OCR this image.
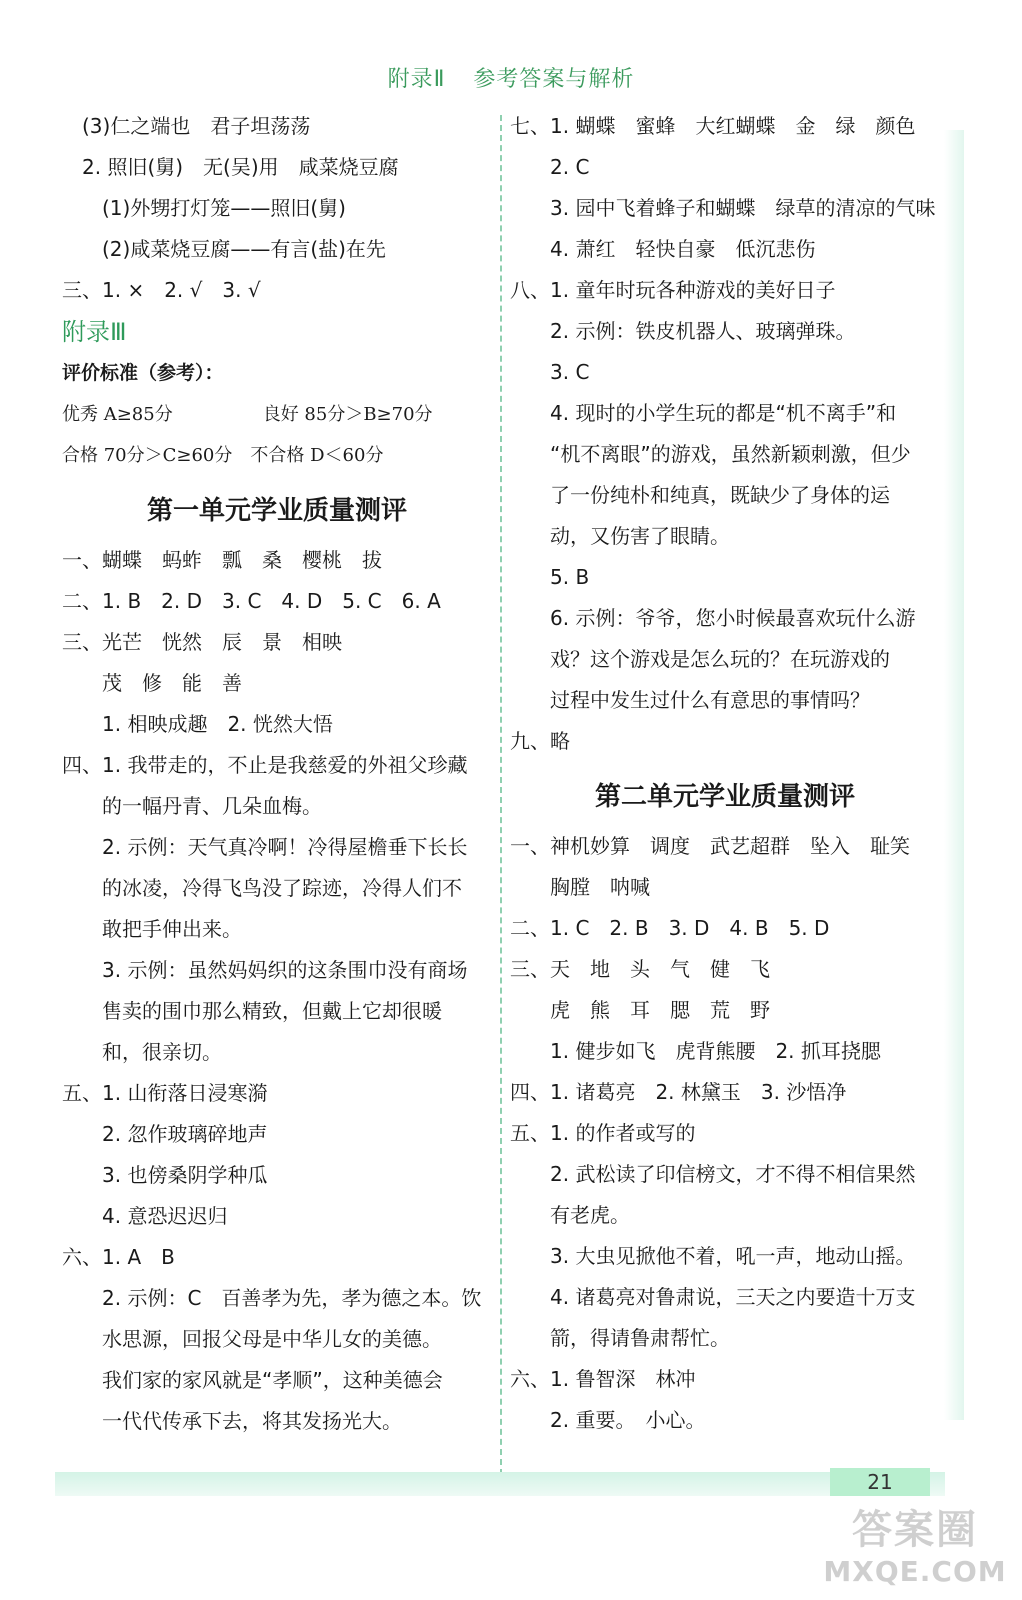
附录Ⅱ 参考答案与解析
　(3)仁之端也　君子坦荡荡
　2. 照旧(舅)　无(吴)用　咸菜烧豆腐
　　(1)外甥打灯笼——照旧(舅)
　　(2)咸菜烧豆腐——有言(盐)在先
三、1. ×　2. √　3. √
附录Ⅲ
评价标准（参考）：
优秀 A≥85分　　　　　良好 85分＞B≥70分
合格 70分＞C≥60分　不合格 D＜60分
第一单元学业质量测评
一、蝴蝶　蚂蚱　瓢　桑　樱桃　拔
二、1. B　2. D　3. C　4. D　5. C　6. A
三、光芒　恍然　辰　景　相映
　　茂　修　能　善
　　1. 相映成趣　2. 恍然大悟
四、1. 我带走的，不止是我慈爱的外祖父珍藏
　　的一幅丹青、几朵血梅。
　　2. 示例：天气真冷啊！冷得屋檐垂下长长
　　的冰凌，冷得飞鸟没了踪迹，冷得人们不
　　敢把手伸出来。
　　3. 示例：虽然妈妈织的这条围巾没有商场
　　售卖的围巾那么精致，但戴上它却很暖
　　和，很亲切。
五、1. 山衔落日浸寒漪
　　2. 忽作玻璃碎地声
　　3. 也傍桑阴学种瓜
　　4. 意恐迟迟归
六、1. A　B
　　2. 示例：C　百善孝为先，孝为德之本。饮
　　水思源，回报父母是中华儿女的美德。
　　我们家的家风就是“孝顺”，这种美德会
　　一代代传承下去，将其发扬光大。
七、1. 蝴蝶　蜜蜂　大红蝴蝶　金　绿　颜色
　　2. C
　　3. 园中飞着蜂子和蝴蝶　绿草的清凉的气味
　　4. 萧红　轻快自豪　低沉悲伤
八、1. 童年时玩各种游戏的美好日子
　　2. 示例：铁皮机器人、玻璃弹珠。
　　3. C
　　4. 现时的小学生玩的都是“机不离手”和
　　“机不离眼”的游戏，虽然新颖刺激，但少
　　了一份纯朴和纯真，既缺少了身体的运
　　动，又伤害了眼睛。
　　5. B
　　6. 示例：爷爷，您小时候最喜欢玩什么游
　　戏？这个游戏是怎么玩的？在玩游戏的
　　过程中发生过什么有意思的事情吗？
九、略
第二单元学业质量测评
一、神机妙算　调度　武艺超群　坠入　耻笑
　　胸膛　呐喊
二、1. C　2. B　3. D　4. B　5. D
三、天　地　头　气　健　飞
　　虎　熊　耳　腮　荒　野
　　1. 健步如飞　虎背熊腰　2. 抓耳挠腮
四、1. 诸葛亮　2. 林黛玉　3. 沙悟净
五、1. 的作者或写的
　　2. 武松读了印信榜文，才不得不相信果然
　　有老虎。
　　3. 大虫见掀他不着，吼一声，地动山摇。
　　4. 诸葛亮对鲁肃说，三天之内要造十万支
　　箭，得请鲁肃帮忙。
六、1. 鲁智深　林冲
　　2. 重要。　小心。
21
答案圈
MXQE.COM
